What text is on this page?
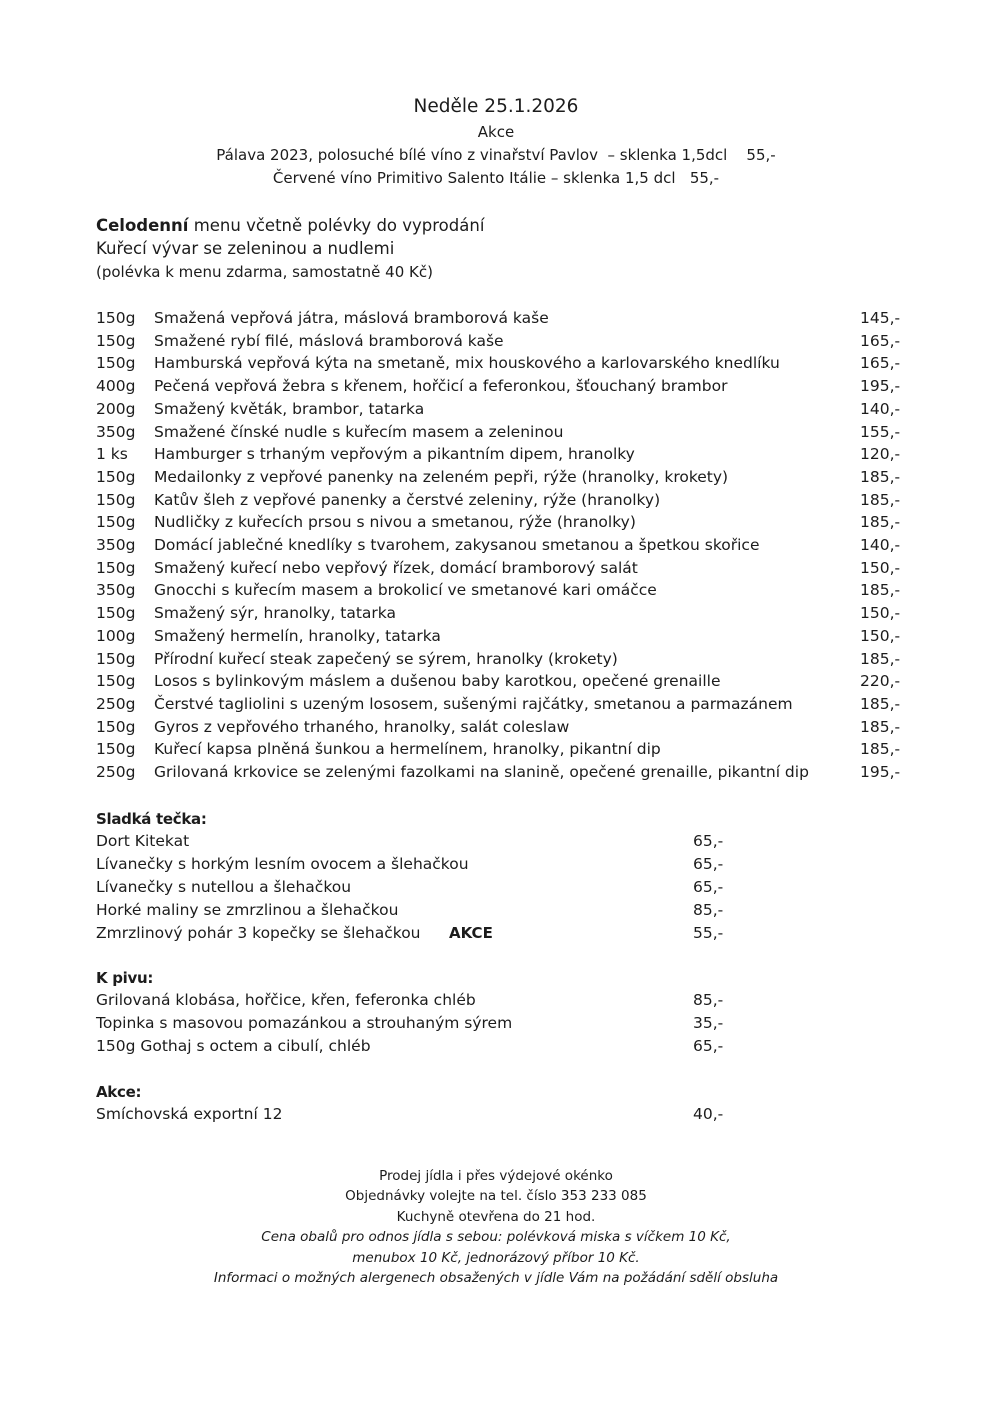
Neděle 25.1.2026
Akce
Pálava 2023, polosuché bílé víno z vinařství Pavlov  – sklenka 1,5dcl    55,-
Červené víno Primitivo Salento Itálie – sklenka 1,5 dcl   55,-
Celodenní menu včetně polévky do vyprodání
Kuřecí vývar se zeleninou a nudlemi
(polévka k menu zdarma, samostatně 40 Kč)
150g Smažená vepřová játra, máslová bramborová kaše	145,-
150g Smažené rybí filé, máslová bramborová kaše	165,-
150g Hamburská vepřová kýta na smetaně, mix houskového a karlovarského knedlíku	165,-
400g Pečená vepřová žebra s křenem, hořčicí a feferonkou, šťouchaný brambor	195,-
200g Smažený květák, brambor, tatarka	140,-
350g Smažené čínské nudle s kuřecím masem a zeleninou	155,-
1 ks Hamburger s trhaným vepřovým a pikantním dipem, hranolky	120,-
150g Medailonky z vepřové panenky na zeleném pepři, rýže (hranolky, krokety)	185,-
150g Katův šleh z vepřové panenky a čerstvé zeleniny, rýže (hranolky)	185,-
150g Nudličky z kuřecích prsou s nivou a smetanou, rýže (hranolky)	185,-
350g Domácí jablečné knedlíky s tvarohem, zakysanou smetanou a špetkou skořice	140,-
150g Smažený kuřecí nebo vepřový řízek, domácí bramborový salát	150,-
350g Gnocchi s kuřecím masem a brokolicí ve smetanové kari omáčce	185,-
150g Smažený sýr, hranolky, tatarka	150,-
100g Smažený hermelín, hranolky, tatarka	150,-
150g Přírodní kuřecí steak zapečený se sýrem, hranolky (krokety)	185,-
150g Losos s bylinkovým máslem a dušenou baby karotkou, opečené grenaille	220,-
250g Čerstvé tagliolini s uzeným lososem, sušenými rajčátky, smetanou a parmazánem	185,-
150g Gyros z vepřového trhaného, hranolky, salát coleslaw	185,-
150g Kuřecí kapsa plněná šunkou a hermelínem, hranolky, pikantní dip	185,-
250g Grilovaná krkovice se zelenými fazolkami na slanině, opečené grenaille, pikantní dip	195,-
Sladká tečka:
Dort Kitekat	65,-
Lívanečky s horkým lesním ovocem a šlehačkou	65,-
Lívanečky s nutellou a šlehačkou	65,-
Horké maliny se zmrzlinou a šlehačkou	85,-
Zmrzlinový pohár 3 kopečky se šlehačkou AKCE	55,-
K pivu:
Grilovaná klobása, hořčice, křen, feferonka chléb	85,-
Topinka s masovou pomazánkou a strouhaným sýrem	35,-
150g Gothaj s octem a cibulí, chléb	65,-
Akce:
Smíchovská exportní 12	40,-
Prodej jídla i přes výdejové okénko
Objednávky volejte na tel. číslo 353 233 085
Kuchyně otevřena do 21 hod.
Cena obalů pro odnos jídla s sebou: polévková miska s víčkem 10 Kč,
menubox 10 Kč, jednorázový příbor 10 Kč.
Informaci o možných alergenech obsažených v jídle Vám na požádání sdělí obsluha
